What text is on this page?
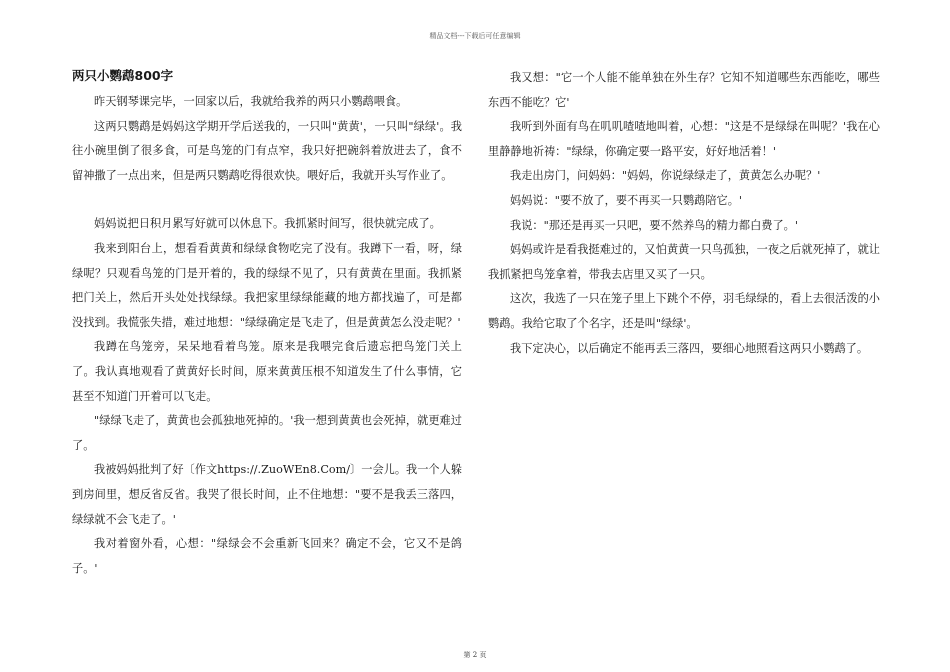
精品文档---下载后可任意编辑
两只小鹦鹉800字

昨天钢琴课完毕，一回家以后，我就给我养的两只小鹦鹉喂食。

这两只鹦鹉是妈妈这学期开学后送我的，一只叫"黄黄'，一只叫"绿绿'。我往小碗里倒了很多食，可是鸟笼的门有点窄，我只好把碗斜着放进去了，食不留神撒了一点出来，但是两只鹦鹉吃得很欢快。喂好后，我就开头写作业了。

妈妈说把日积月累写好就可以休息下。我抓紧时间写，很快就完成了。

我来到阳台上，想看看黄黄和绿绿食物吃完了没有。我蹲下一看，呀，绿绿呢？只观看鸟笼的门是开着的，我的绿绿不见了，只有黄黄在里面。我抓紧把门关上，然后开头处处找绿绿。我把家里绿绿能藏的地方都找遍了，可是都没找到。我慌张失措，难过地想："绿绿确定是飞走了，但是黄黄怎么没走呢？'

我蹲在鸟笼旁，呆呆地看着鸟笼。原来是我喂完食后遗忘把鸟笼门关上了。我认真地观看了黄黄好长时间，原来黄黄压根不知道发生了什么事情，它甚至不知道门开着可以飞走。

"绿绿飞走了，黄黄也会孤独地死掉的。'我一想到黄黄也会死掉，就更难过了。

我被妈妈批判了好〔作文https://.ZuoWEn8.Com/〕一会儿。我一个人躲到房间里，想反省反省。我哭了很长时间，止不住地想："要不是我丢三落四，绿绿就不会飞走了。'

我对着窗外看，心想："绿绿会不会重新飞回来？确定不会，它又不是鸽子。'

我又想："它一个人能不能单独在外生存？它知不知道哪些东西能吃，哪些东西不能吃？它'

我听到外面有鸟在叽叽喳喳地叫着，心想："这是不是绿绿在叫呢？'我在心里静静地祈祷："绿绿，你确定要一路平安，好好地活着！'

我走出房门，问妈妈："妈妈，你说绿绿走了，黄黄怎么办呢？'

妈妈说："要不放了，要不再买一只鹦鹉陪它。'

我说："那还是再买一只吧，要不然养鸟的精力都白费了。'

妈妈或许是看我挺难过的，又怕黄黄一只鸟孤独，一夜之后就死掉了，就让我抓紧把鸟笼拿着，带我去店里又买了一只。

这次，我选了一只在笼子里上下跳个不停，羽毛绿绿的，看上去很活泼的小鹦鹉。我给它取了个名字，还是叫"绿绿'。

我下定决心，以后确定不能再丢三落四，要细心地照看这两只小鹦鹉了。

第 2 页
